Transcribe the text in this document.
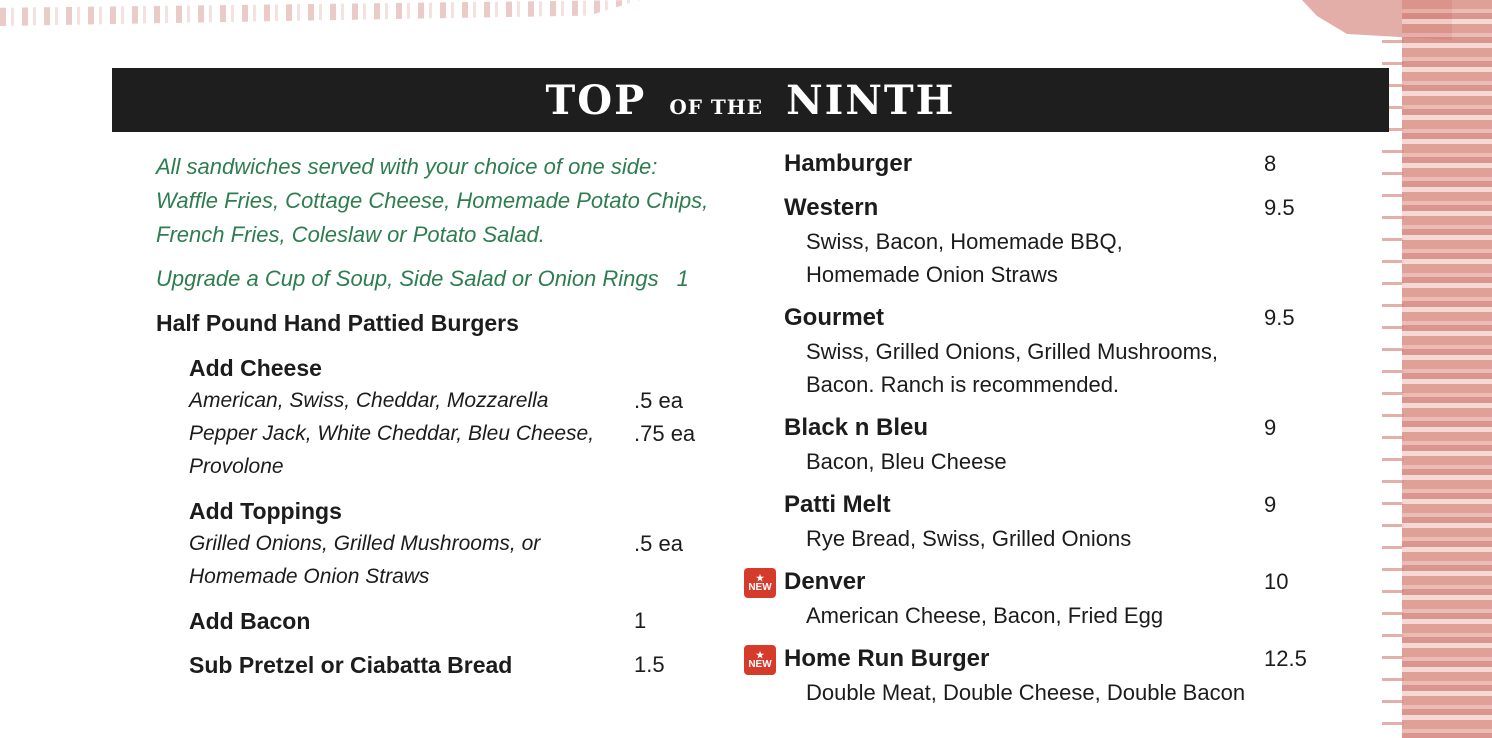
TOP OF THE NINTH

All sandwiches served with your choice of one side:

Waffle Fries, Cottage Cheese, Homemade Potato Chips,

French Fries, Coleslaw or Potato Salad.

Upgrade a Cup of Soup, Side Salad or Onion Rings 1
Half Pound Hand Pattied Burgers
Add Cheese
American, Swiss, Cheddar, Mozzarella	.5 ea
Pepper Jack, White Cheddar, Bleu Cheese, .75 ea
Provolone
Add Toppings
Grilled Onions, Grilled Mushrooms, or	.5 ea
Homemade Onion Straws
Add Bacon	1
Sub Pretzel or Ciabatta Bread	1.5
Hamburger	8
Western	9.5
Swiss, Bacon, Homemade BBQ,
Homemade Onion Straws
Gourmet	9.5
Swiss, Grilled Onions, Grilled Mushrooms,
Bacon. Ranch is recommended.
Black n Bleu	9
Bacon, Bleu Cheese
Patti Melt	9
Rye Bread, Swiss, Grilled Onions
★
NEW Denver	10
American Cheese, Bacon, Fried Egg
★
NEW Home Run Burger	12.5
Double Meat, Double Cheese, Double Bacon
